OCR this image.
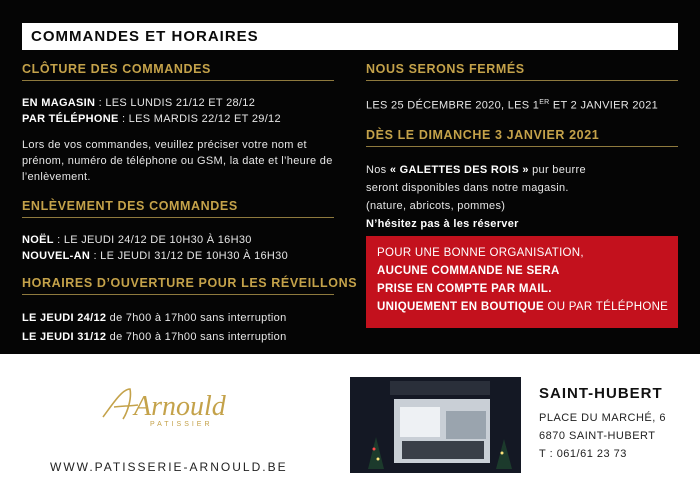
COMMANDES ET HORAIRES
CLÔTURE DES COMMANDES
EN MAGASIN : LES LUNDIS 21/12 ET 28/12
PAR TÉLÉPHONE : LES MARDIS 22/12 ET 29/12
Lors de vos commandes, veuillez préciser votre nom et prénom, numéro de téléphone ou GSM, la date et l’heure de l’enlèvement.
ENLÈVEMENT DES COMMANDES
NOËL : LE JEUDI 24/12 DE 10H30 À 16H30
NOUVEL-AN : LE JEUDI 31/12 DE 10H30 À 16H30
HORAIRES D’OUVERTURE POUR LES RÉVEILLONS
LE JEUDI 24/12 de 7h00 à 17h00 sans interruption
LE JEUDI 31/12 de 7h00 à 17h00 sans interruption
NOUS SERONS FERMÉS
LES 25 DÉCEMBRE 2020, LES 1ER ET 2 JANVIER 2021
DÈS LE DIMANCHE 3 JANVIER 2021
Nos « GALETTES DES ROIS » pur beurre
seront disponibles dans notre magasin.
(nature, abricots, pommes)
N’hésitez pas à les réserver
POUR UNE BONNE ORGANISATION,
AUCUNE COMMANDE NE SERA
PRISE EN COMPTE PAR MAIL.
UNIQUEMENT EN BOUTIQUE OU PAR TÉLÉPHONE
Arnould
PATISSIER
WWW.PATISSERIE-ARNOULD.BE
SAINT-HUBERT
PLACE DU MARCHÉ, 6
6870 SAINT-HUBERT
T : 061/61 23 73
